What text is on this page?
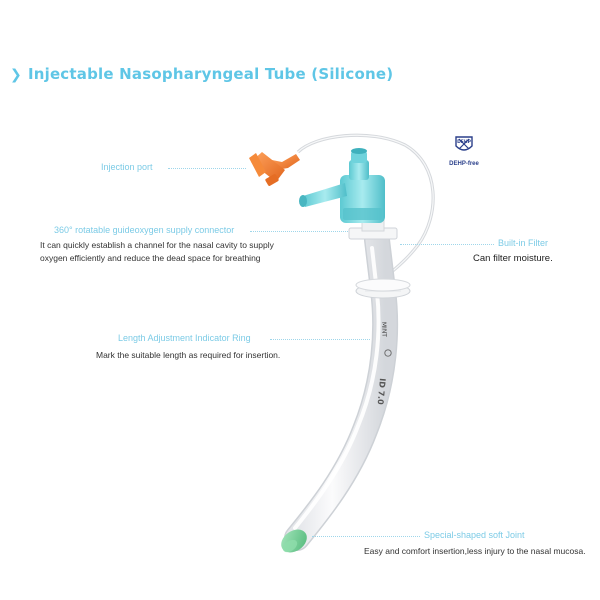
❯ Injectable Nasopharyngeal Tube (Silicone)
DEHP
DEHP-free
MINT
ID 7.0
Injection port
360° rotatable guideoxygen supply connector
It can quickly establish a channel for the nasal cavity to supply oxygen efficiently and reduce the dead space for breathing
Built-in Filter
Can filter moisture.
Length Adjustment Indicator Ring
Mark the suitable length as required for insertion.
Special-shaped soft Joint
Easy and comfort insertion,less injury to the nasal mucosa.
